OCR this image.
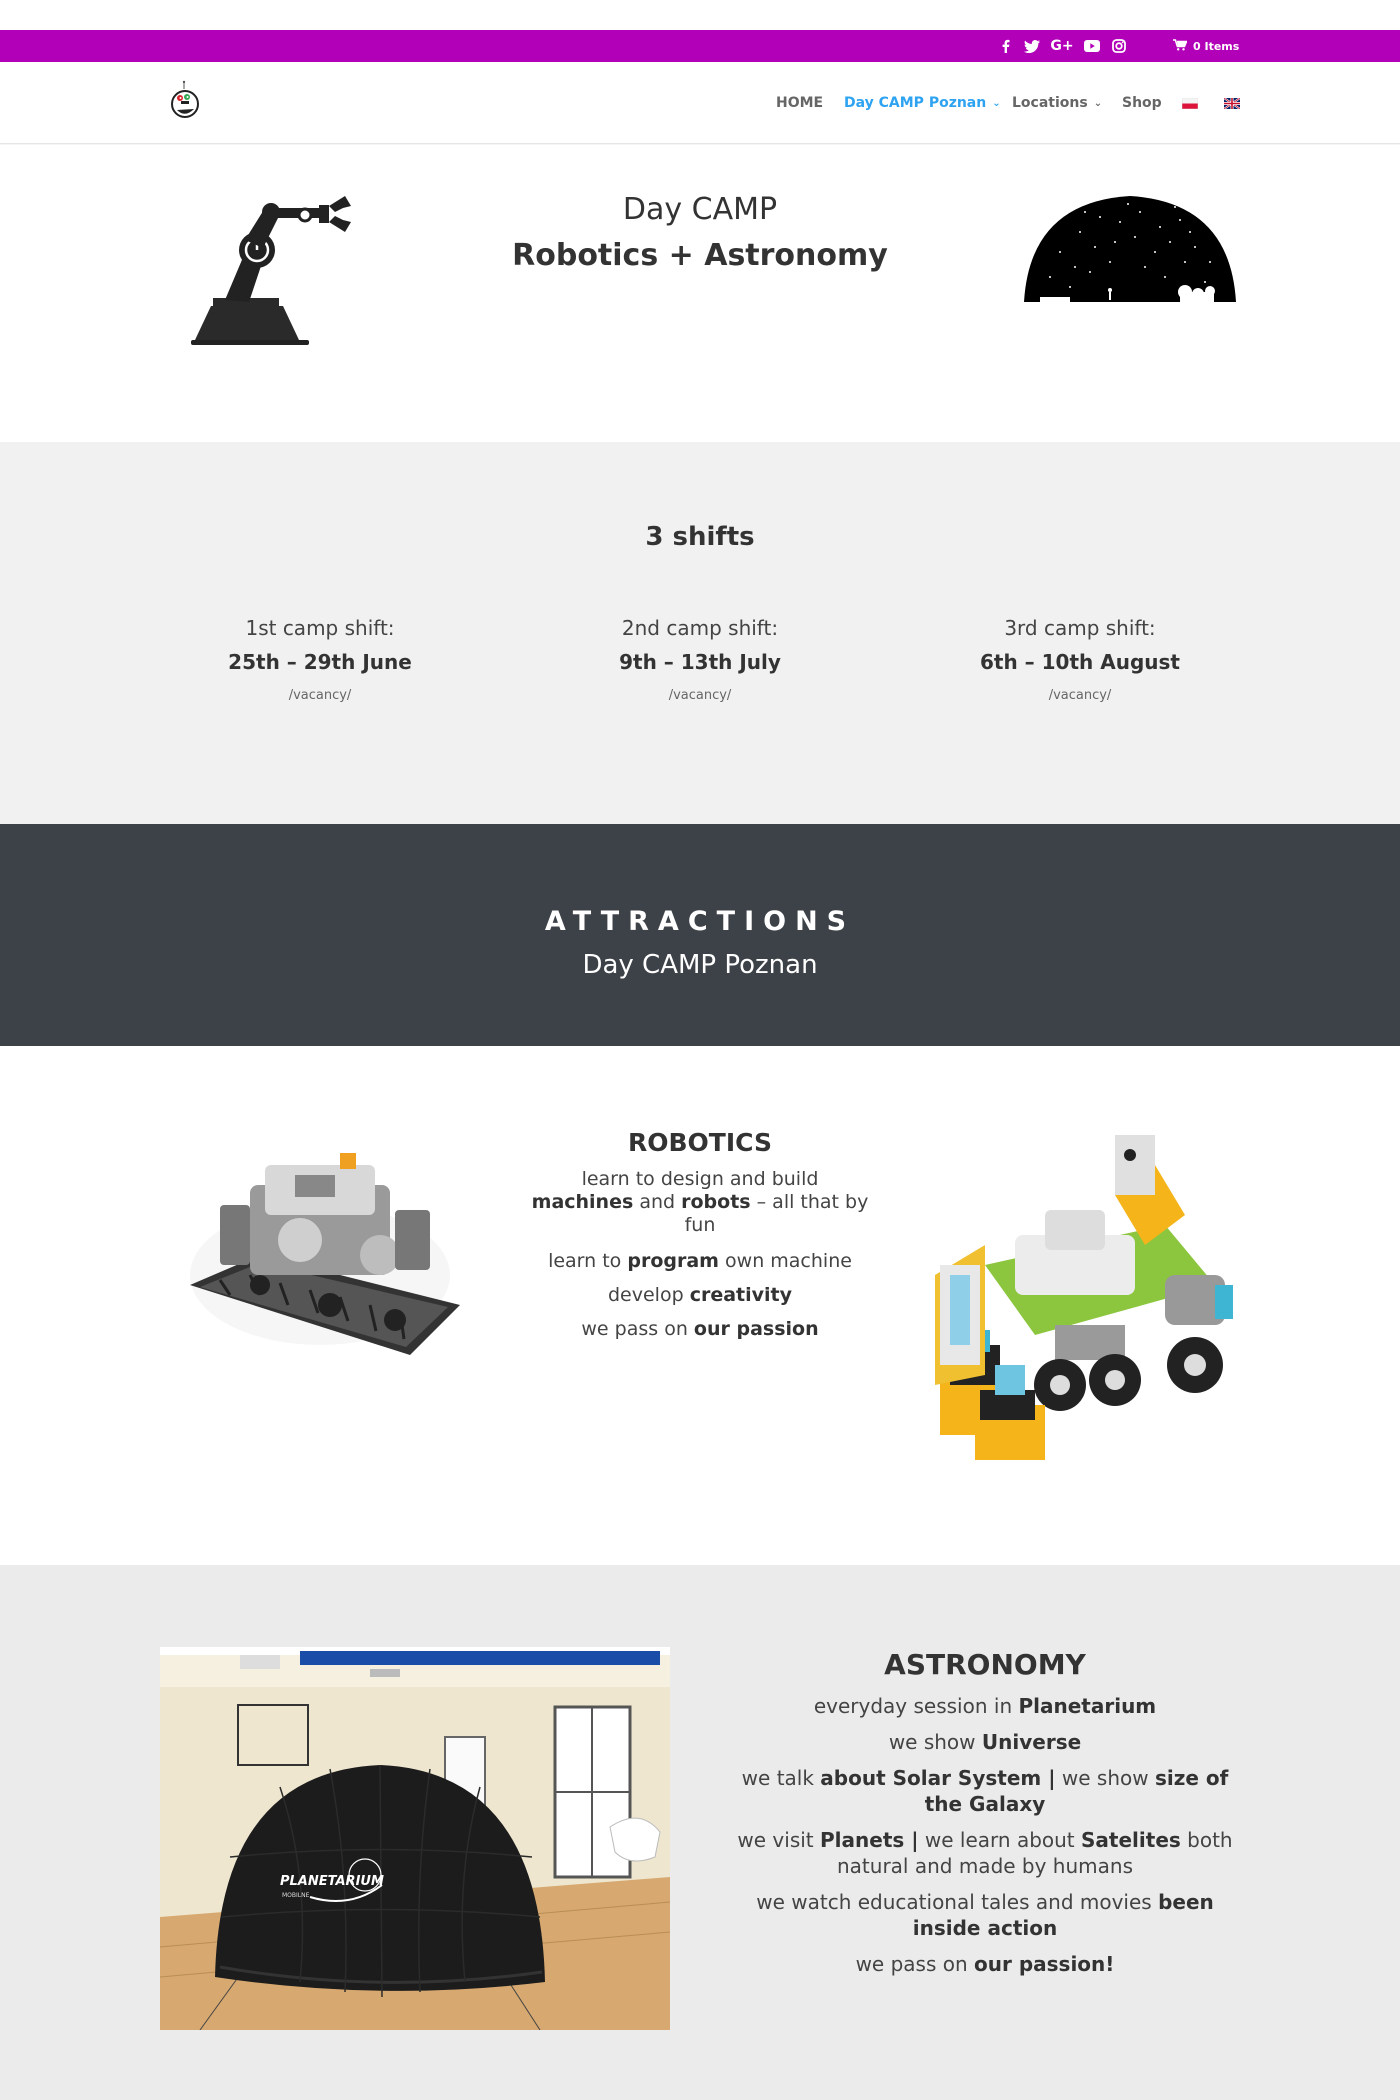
G+	0 Items
HOME Day CAMP Poznan ⌄ Locations ⌄ Shop
Day CAMP
Robotics + Astronomy
3 shifts
1st camp shift:
25th – 29th June
/vacancy/
2nd camp shift:
9th – 13th July
/vacancy/
3rd camp shift:
6th – 10th August
/vacancy/
ATTRACTIONS
Day CAMP Poznan
ROBOTICS
learn to design and build
machines and robots – all that by fun
learn to program own machine
develop creativity
we pass on our passion
PLANETARIUM
MOBILNE
ASTRONOMY
everyday session in Planetarium
we show Universe
we talk about Solar System | we show size of the Galaxy
we visit Planets | we learn about Satelites both natural and made by humans
we watch educational tales and movies been inside action
we pass on our passion!
